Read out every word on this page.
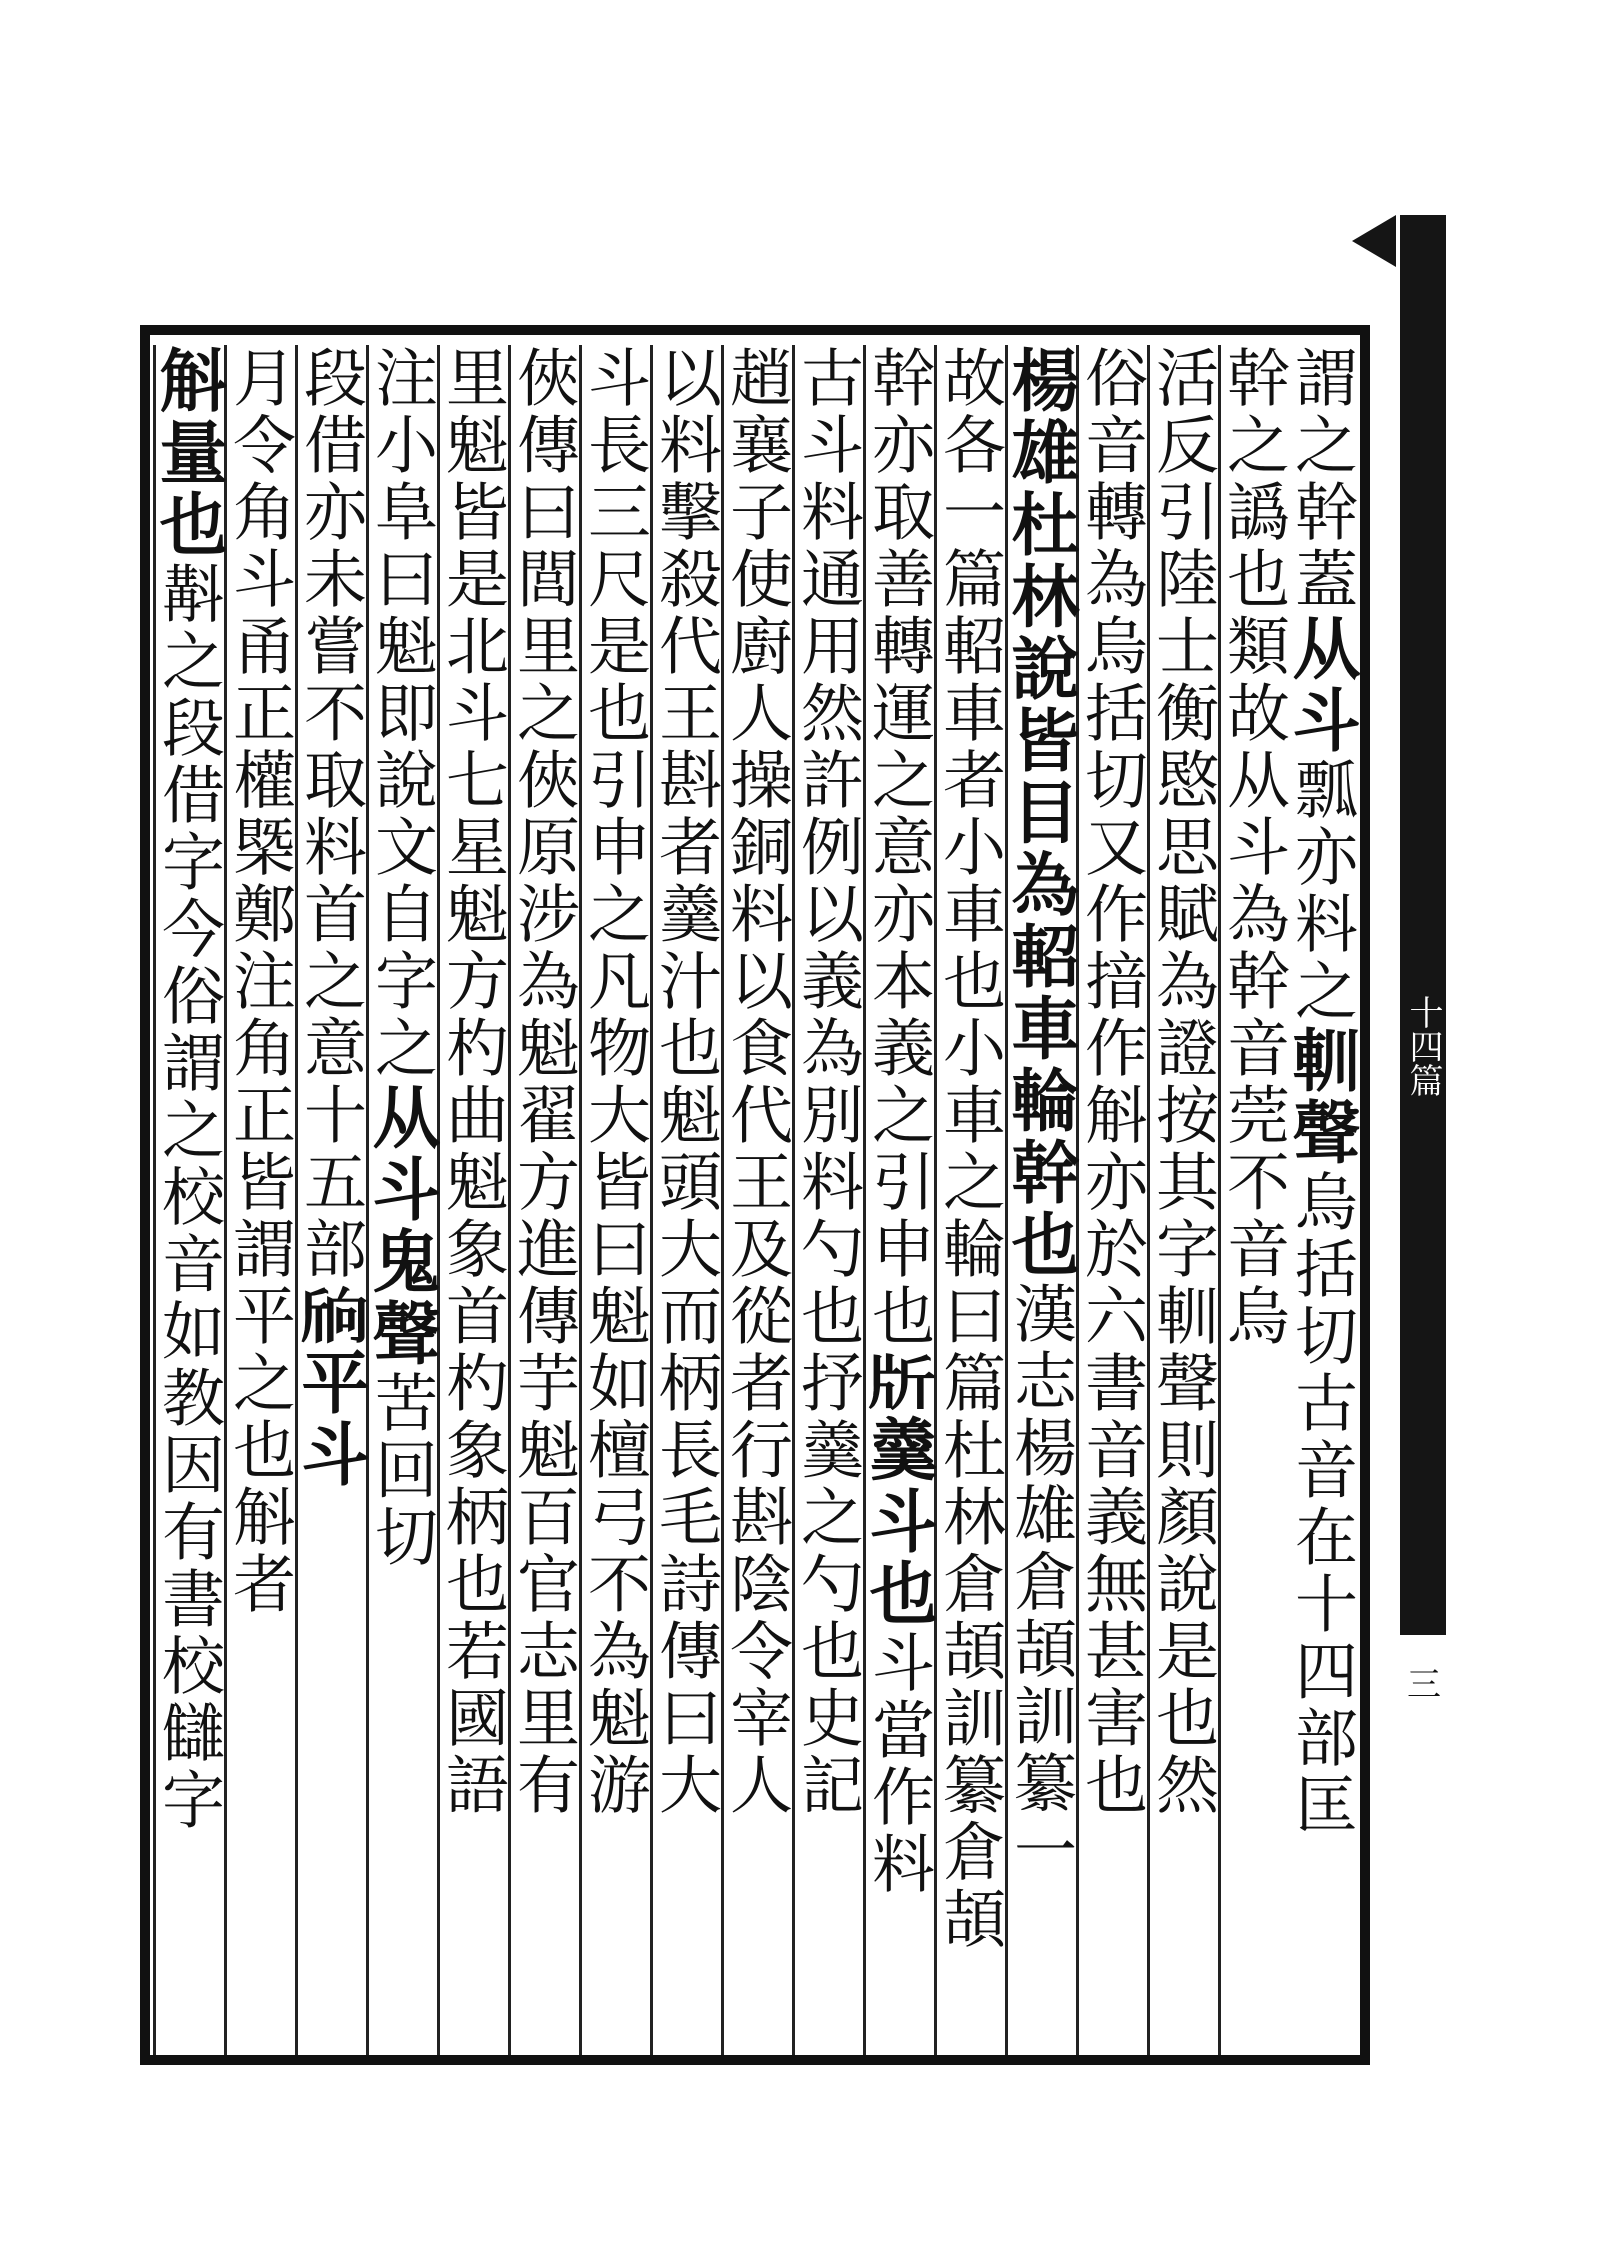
十四篇
三
謂之幹蓋从斗瓢亦料之䡅聲烏括切古音在十四部匡
幹之譌也類故从斗為幹音莞不音烏
活反引陸士衡愍思賦為證按其字䡅聲則顏說是也然
俗音轉為烏括切又作揞作斛亦於六書音義無甚害也
楊雄杜林說皆目為軺車輪幹也漢志楊雄倉頡訓纂一
故各一篇軺車者小車也小車之輪曰篇杜林倉頡訓纂倉頡
幹亦取善轉運之意亦本義之引申也𣂔羹斗也斗當作料
古斗料通用然許例以義為別料勺也抒羹之勺也史記
趙襄子使廚人操銅料以食代王及從者行斟陰令宰人
以料擊殺代王斟者羹汁也魁頭大而柄長毛詩傳曰大
斗長三尺是也引申之凡物大皆曰魁如檀弓不為魁游
俠傳曰閭里之俠原涉為魁翟方進傳芋魁百官志里有
里魁皆是北斗七星魁方杓曲魁象首杓象柄也若國語
注小阜曰魁即說文自字之从斗鬼聲苦回切
段借亦未嘗不取料首之意十五部𣂝平斗
月令角斗甬正權槩鄭注角正皆謂平之也斛者
斛量也斠之段借字今俗謂之校音如教因有書校讎字
